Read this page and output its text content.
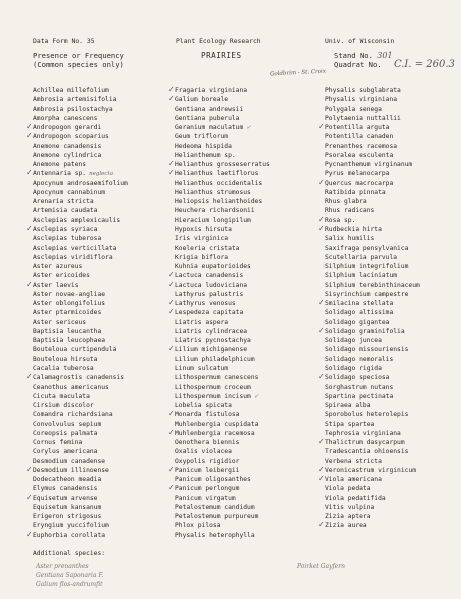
Data Form No. 35	Plant Ecology Research	Univ. of Wisconsin
Presence or Frequency
(Common species only)
PRAIRIES	Stand No. 301
Quadrat No. C.I. = 260.3
Goldbrim - St. Croix
Achillea millefolium
Ambrosia artemisifolia
Ambrosia psilostachya
Amorpha canescens
✓ Andropogon gerardi
✓ Andropogon scoparius
Anemone canadensis
Anemone cylindrica
Anemone patens
✓ Antennaria sp. neglecta
Apocynum androsaemifolium
Apocynum cannabinum
Arenaria stricta
Artemisia caudata
Asclepias amplexicaulis
✓ Asclepias syriaca
Asclepias tuberosa
Asclepias verticillata
Asclepias viridiflora
Aster azureus
Aster ericoides
✓ Aster laevis
Aster novae-angliae
Aster oblongifolius
Aster ptarmicoides
Aster sericeus
Baptisia leucantha
Baptisia leucophaea
Bouteloua curtipendula
Bouteloua hirsuta
Cacalia tuberosa
✓ Calamagrostis canadensis
Ceanothus americanus
Cicuta maculata
Cirsium discolor
Comandra richardsiana
Convolvulus sepium
Coreopsis palmata
Cornus femina
Corylus americana
Desmodium canadense
✓ Desmodium illinoense
Dodecatheon meadia
Elymus canadensis
✓ Equisetum arvense
Equisetum kansanum
Erigeron strigosus
Eryngium yuccifolium
✓ Euphorbia corollata
✓ Fragaria virginiana
✓ Galium boreale
Gentiana andrewsii
Gentiana puberula
Geranium maculatum ✓
Geum triflorum
Hedeoma hispida
Helianthemum sp.
✓ Helianthus grosseserratus
✓ Helianthus laetiflorus
Helianthus occidentalis
Helianthus strumosus
Heliopsis helianthoides
Heuchera richardsonii
Hieracium longipilum
Hypoxis hirsuta
Iris virginica
Koeleria cristata
Krigia biflora
Kuhnia eupatorioides
✓ Lactuca canadensis
✓ Lactuca ludoviciana
Lathyrus palustris
✓ Lathyrus venosus
✓ Lespedeza capitata
Liatris aspera
Liatris cylindracea
Liatris pycnostachya
✓ Lilium michiganense
Lilium philadelphicum
Linum sulcatum
Lithospermum canescens
Lithospermum croceum
Lithospermum incisum ✓
Lobelia spicata
✓ Monarda fistulosa
Muhlenbergia cuspidata
✓ Muhlenbergia racemosa
Oenothera biennis
Oxalis violacea
Oxypolis rigidior
✓ Panicum leibergii
Panicum oligosanthes
✓ Panicum perlongum
Panicum virgatum
Petalostemum candidum
Petalostemum purpureum
Phlox pilosa
Physalis heterophylla
Physalis subglabrata
Physalis virginiana
Polygala senega
Polytaenia nuttallii
✓ Potentilla arguta
Potentilla canaden
Prenanthes racemosa
Psoralea esculenta
Pycnanthemum virginanum
Pyrus melanocarpa
✓ Quercus macrocarpa
Ratibida pinnata
Rhus glabra
Rhus radicans
✓ Rosa sp.
✓ Rudbeckia hirta
Salix humilis
Saxifraga pensylvanica
Scutellaria parvula
Silphium integrifolium
Silphium laciniatum
Silphium terebinthinaceum
Sisyrinchium campestre
✓ Smilacina stellata
Solidago altissima
Solidago gigantea
✓ Solidago graminifolia
Solidago juncea
Solidago missouriensis
Solidago nemoralis
Solidago rigida
✓ Solidago speciosa
Sorghastrum nutans
Spartina pectinata
Spiraea alba
Sporobolus heterolepis
Stipa spartea
Tephrosia virginiana
✓ Thalictrum dasycarpum
Tradescantia ohioensis
Verbena stricta
✓ Veronicastrum virginicum
✓ Viola americana
Viola pedata
Viola pedatifida
Vitis vulpina
Zizia aptera
✓ Zizia aurea
Additional species:
Aster prenanthes
Gentiana Saponaria F.
Galium flos-andrumfit
Poirket Gayfern
